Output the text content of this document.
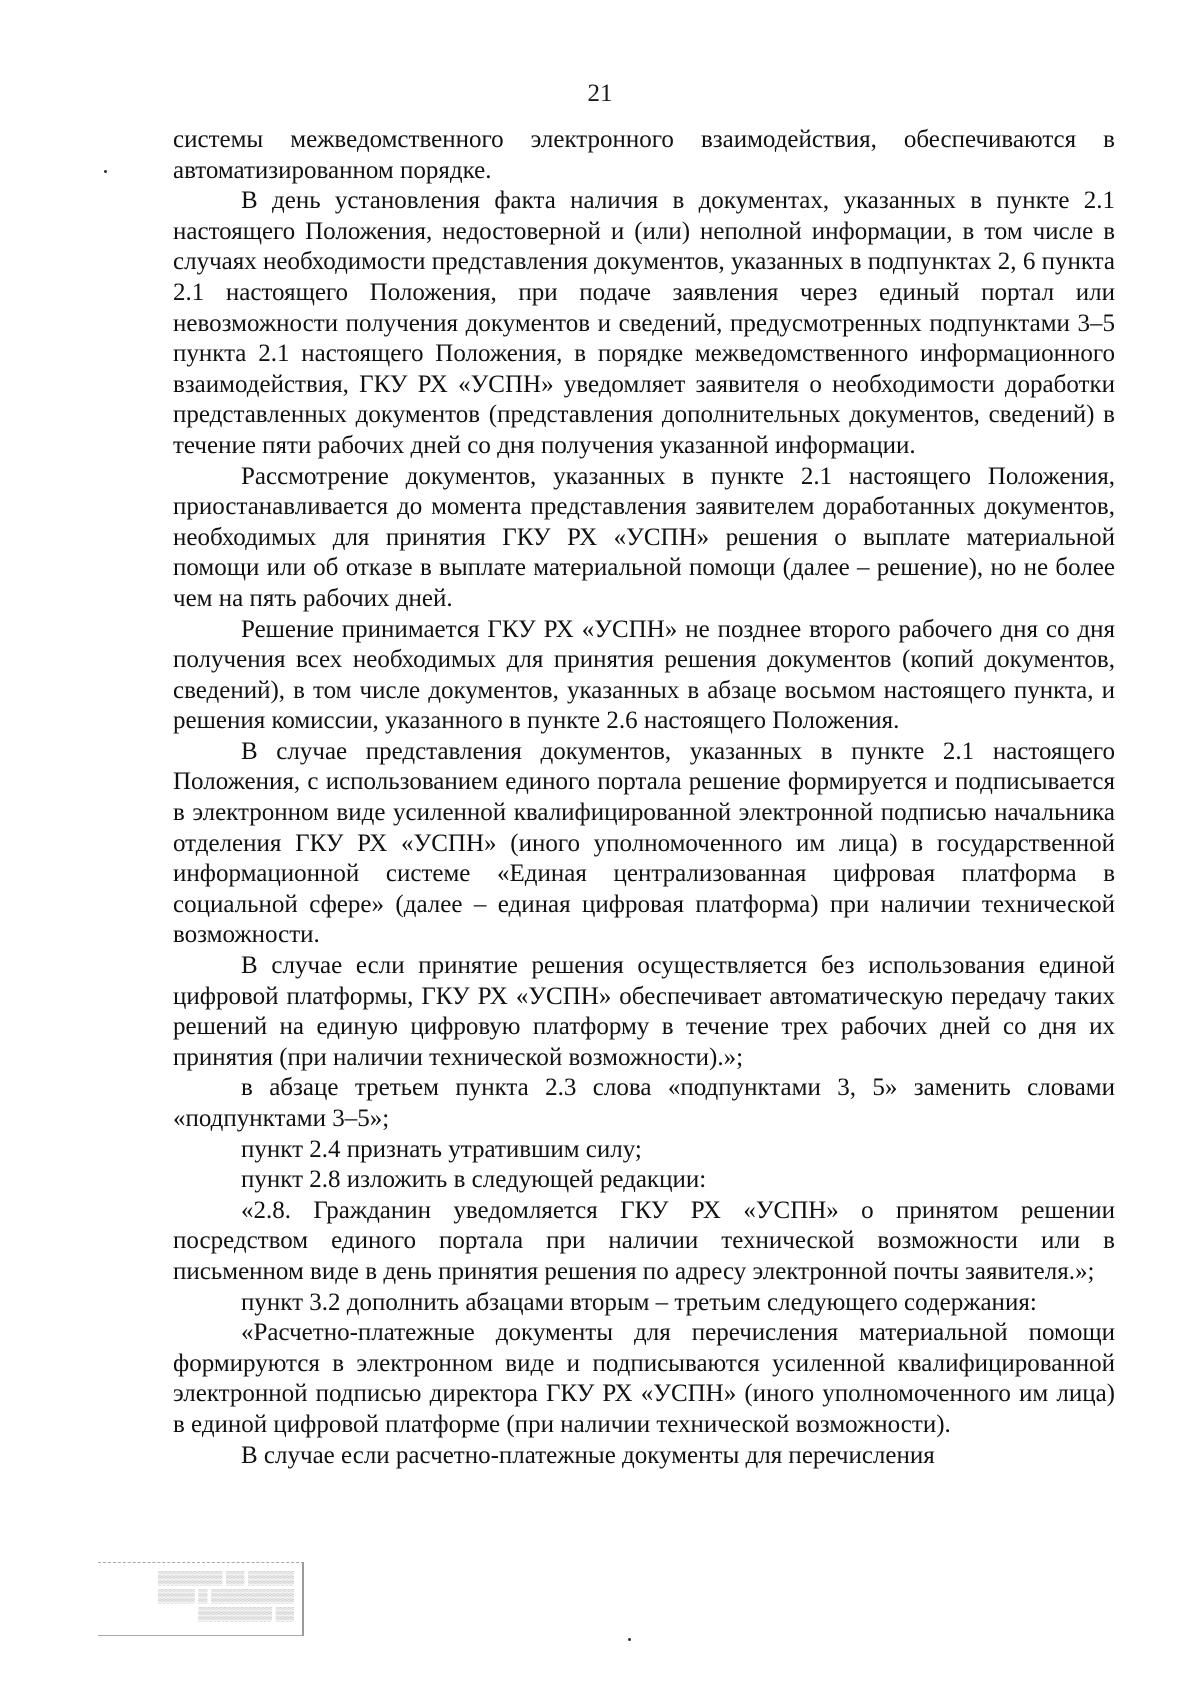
21

системы межведомственного электронного взаимодействия, обеспечиваются в автоматизированном порядке.

В день установления факта наличия в документах, указанных в пункте 2.1 настоящего Положения, недостоверной и (или) неполной информации, в том числе в случаях необходимости представления документов, указанных в подпунктах 2, 6 пункта 2.1 настоящего Положения, при подаче заявления через единый портал или невозможности получения документов и сведений, предусмотренных подпунктами 3–5 пункта 2.1 настоящего Положения, в порядке межведомственного информационного взаимодействия, ГКУ РХ «УСПН» уведомляет заявителя о необходимости доработки представленных документов (представления дополнительных документов, сведений) в течение пяти рабочих дней со дня получения указанной информации.

Рассмотрение документов, указанных в пункте 2.1 настоящего Положения, приостанавливается до момента представления заявителем доработанных документов, необходимых для принятия ГКУ РХ «УСПН» решения о выплате материальной помощи или об отказе в выплате материальной помощи (далее – решение), но не более чем на пять рабочих дней.

Решение принимается ГКУ РХ «УСПН» не позднее второго рабочего дня со дня получения всех необходимых для принятия решения документов (копий документов, сведений), в том числе документов, указанных в абзаце восьмом настоящего пункта, и решения комиссии, указанного в пункте 2.6 настоящего Положения.

В случае представления документов, указанных в пункте 2.1 настоящего Положения, с использованием единого портала решение формируется и подписывается в электронном виде усиленной квалифицированной электронной подписью начальника отделения ГКУ РХ «УСПН» (иного уполномоченного им лица) в государственной информационной системе «Единая централизованная цифровая платформа в социальной сфере» (далее – единая цифровая платформа) при наличии технической возможности.

В случае если принятие решения осуществляется без использования единой цифровой платформы, ГКУ РХ «УСПН» обеспечивает автоматическую передачу таких решений на единую цифровую платформу в течение трех рабочих дней со дня их принятия (при наличии технической возможности).»;

в абзаце третьем пункта 2.3 слова «подпунктами 3, 5» заменить словами «подпунктами 3–5»;

пункт 2.4 признать утратившим силу;

пункт 2.8 изложить в следующей редакции:

«2.8. Гражданин уведомляется ГКУ РХ «УСПН» о принятом решении посредством единого портала при наличии технической возможности или в письменном виде в день принятия решения по адресу электронной почты заявителя.»;

пункт 3.2 дополнить абзацами вторым – третьим следующего содержания:

«Расчетно-платежные документы для перечисления материальной помощи формируются в электронном виде и подписываются усиленной квалифицированной электронной подписью директора ГКУ РХ «УСПН» (иного уполномоченного им лица) в единой цифровой платформе (при наличии технической возможности).

В случае если расчетно-платежные документы для перечисления

▒▒▒▒▒▒▒ ▒▒ ▒▒▒▒▒
▒▒▒▒ ▒ ▒▒▒▒▒▒▒▒▒
▒▒▒▒▒▒▒▒ ▒▒
